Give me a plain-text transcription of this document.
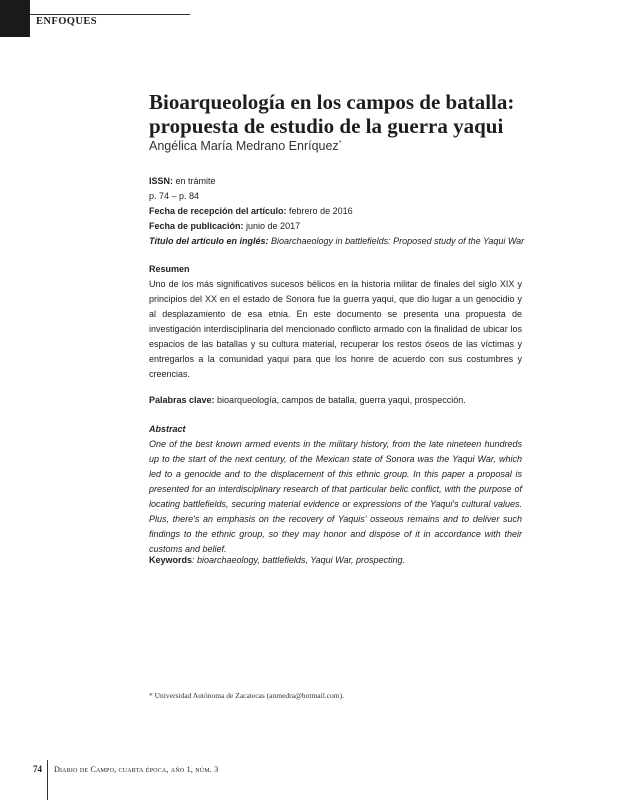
ENFOQUES
Bioarqueología en los campos de batalla:
propuesta de estudio de la guerra yaqui
Angélica María Medrano Enríquez*
ISSN: en trámite
p. 74 – p. 84
Fecha de recepción del artículo: febrero de 2016
Fecha de publicación: junio de 2017
Título del artículo en inglés: Bioarchaeology in battlefields: Proposed study of the Yaqui War
Resumen

Uno de los más significativos sucesos bélicos en la historia militar de finales del siglo XIX y principios del XX en el estado de Sonora fue la guerra yaqui, que dio lugar a un genocidio y al desplazamiento de esa etnia. En este documento se presenta una propuesta de investigación interdisciplinaria del mencionado conflicto armado con la finalidad de ubicar los espacios de las batallas y su cultura material, recuperar los restos óseos de las víctimas y entregarlos a la comunidad yaqui para que los honre de acuerdo con sus costumbres y creencias.

Palabras clave: bioarqueología, campos de batalla, guerra yaqui, prospección.
Abstract

One of the best known armed events in the military history, from the late nineteen hundreds up to the start of the next century, of the Mexican state of Sonora was the Yaqui War, which led to a genocide and to the displacement of this ethnic group. In this paper a proposal is presented for an interdisciplinary research of that particular belic conflict, with the purpose of locating battlefields, securing material evidence or expressions of the Yaqui's cultural values. Plus, there's an emphasis on the recovery of Yaquis' osseous remains and to deliver such findings to the ethnic group, so they may honor and dispose of it in accordance with their customs and belief.

Keywords: bioarchaeology, battlefields, Yaqui War, prospecting.
* Universidad Autónoma de Zacatecas (anmedra@hotmail.com).
74 Diario de Campo, cuarta época, año 1, núm. 3
